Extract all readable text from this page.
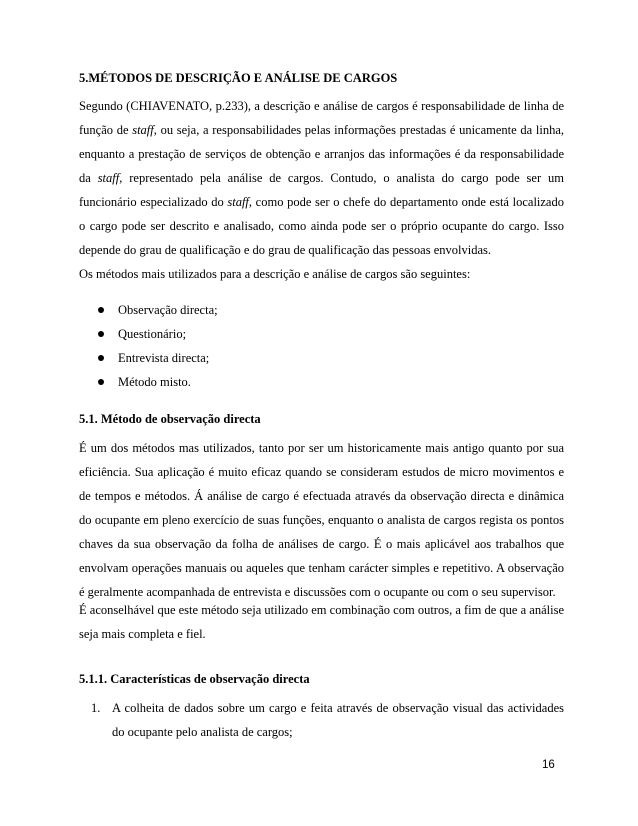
5.MÉTODOS DE DESCRIÇÃO E ANÁLISE DE CARGOS

Segundo (CHIAVENATO, p.233), a descrição e análise de cargos é responsabilidade de linha de função de staff, ou seja, a responsabilidades pelas informações prestadas é unicamente da linha, enquanto a prestação de serviços de obtenção e arranjos das informações é da responsabilidade da staff, representado pela análise de cargos. Contudo, o analista do cargo pode ser um funcionário especializado do staff, como pode ser o chefe do departamento onde está localizado o cargo pode ser descrito e analisado, como ainda pode ser o próprio ocupante do cargo. Isso depende do grau de qualificação e do grau de qualificação das pessoas envolvidas.

Os métodos mais utilizados para a descrição e análise de cargos são seguintes:

Observação directa;
Questionário;
Entrevista directa;
Método misto.
5.1. Método de observação directa

É um dos métodos mas utilizados, tanto por ser um historicamente mais antigo quanto por sua eficiência. Sua aplicação é muito eficaz quando se consideram estudos de micro movimentos e de tempos e métodos. Á análise de cargo é efectuada através da observação directa e dinâmica do ocupante em pleno exercício de suas funções, enquanto o analista de cargos regista os pontos chaves da sua observação da folha de análises de cargo. É o mais aplicável aos trabalhos que envolvam operações manuais ou aqueles que tenham carácter simples e repetitivo. A observação é geralmente acompanhada de entrevista e discussões com o ocupante ou com o seu supervisor.

É aconselhável que este método seja utilizado em combinação com outros, a fim de que a análise seja mais completa e fiel.

5.1.1. Características de observação directa
1. A colheita de dados sobre um cargo e feita através de observação visual das actividades do ocupante pelo analista de cargos;
16
